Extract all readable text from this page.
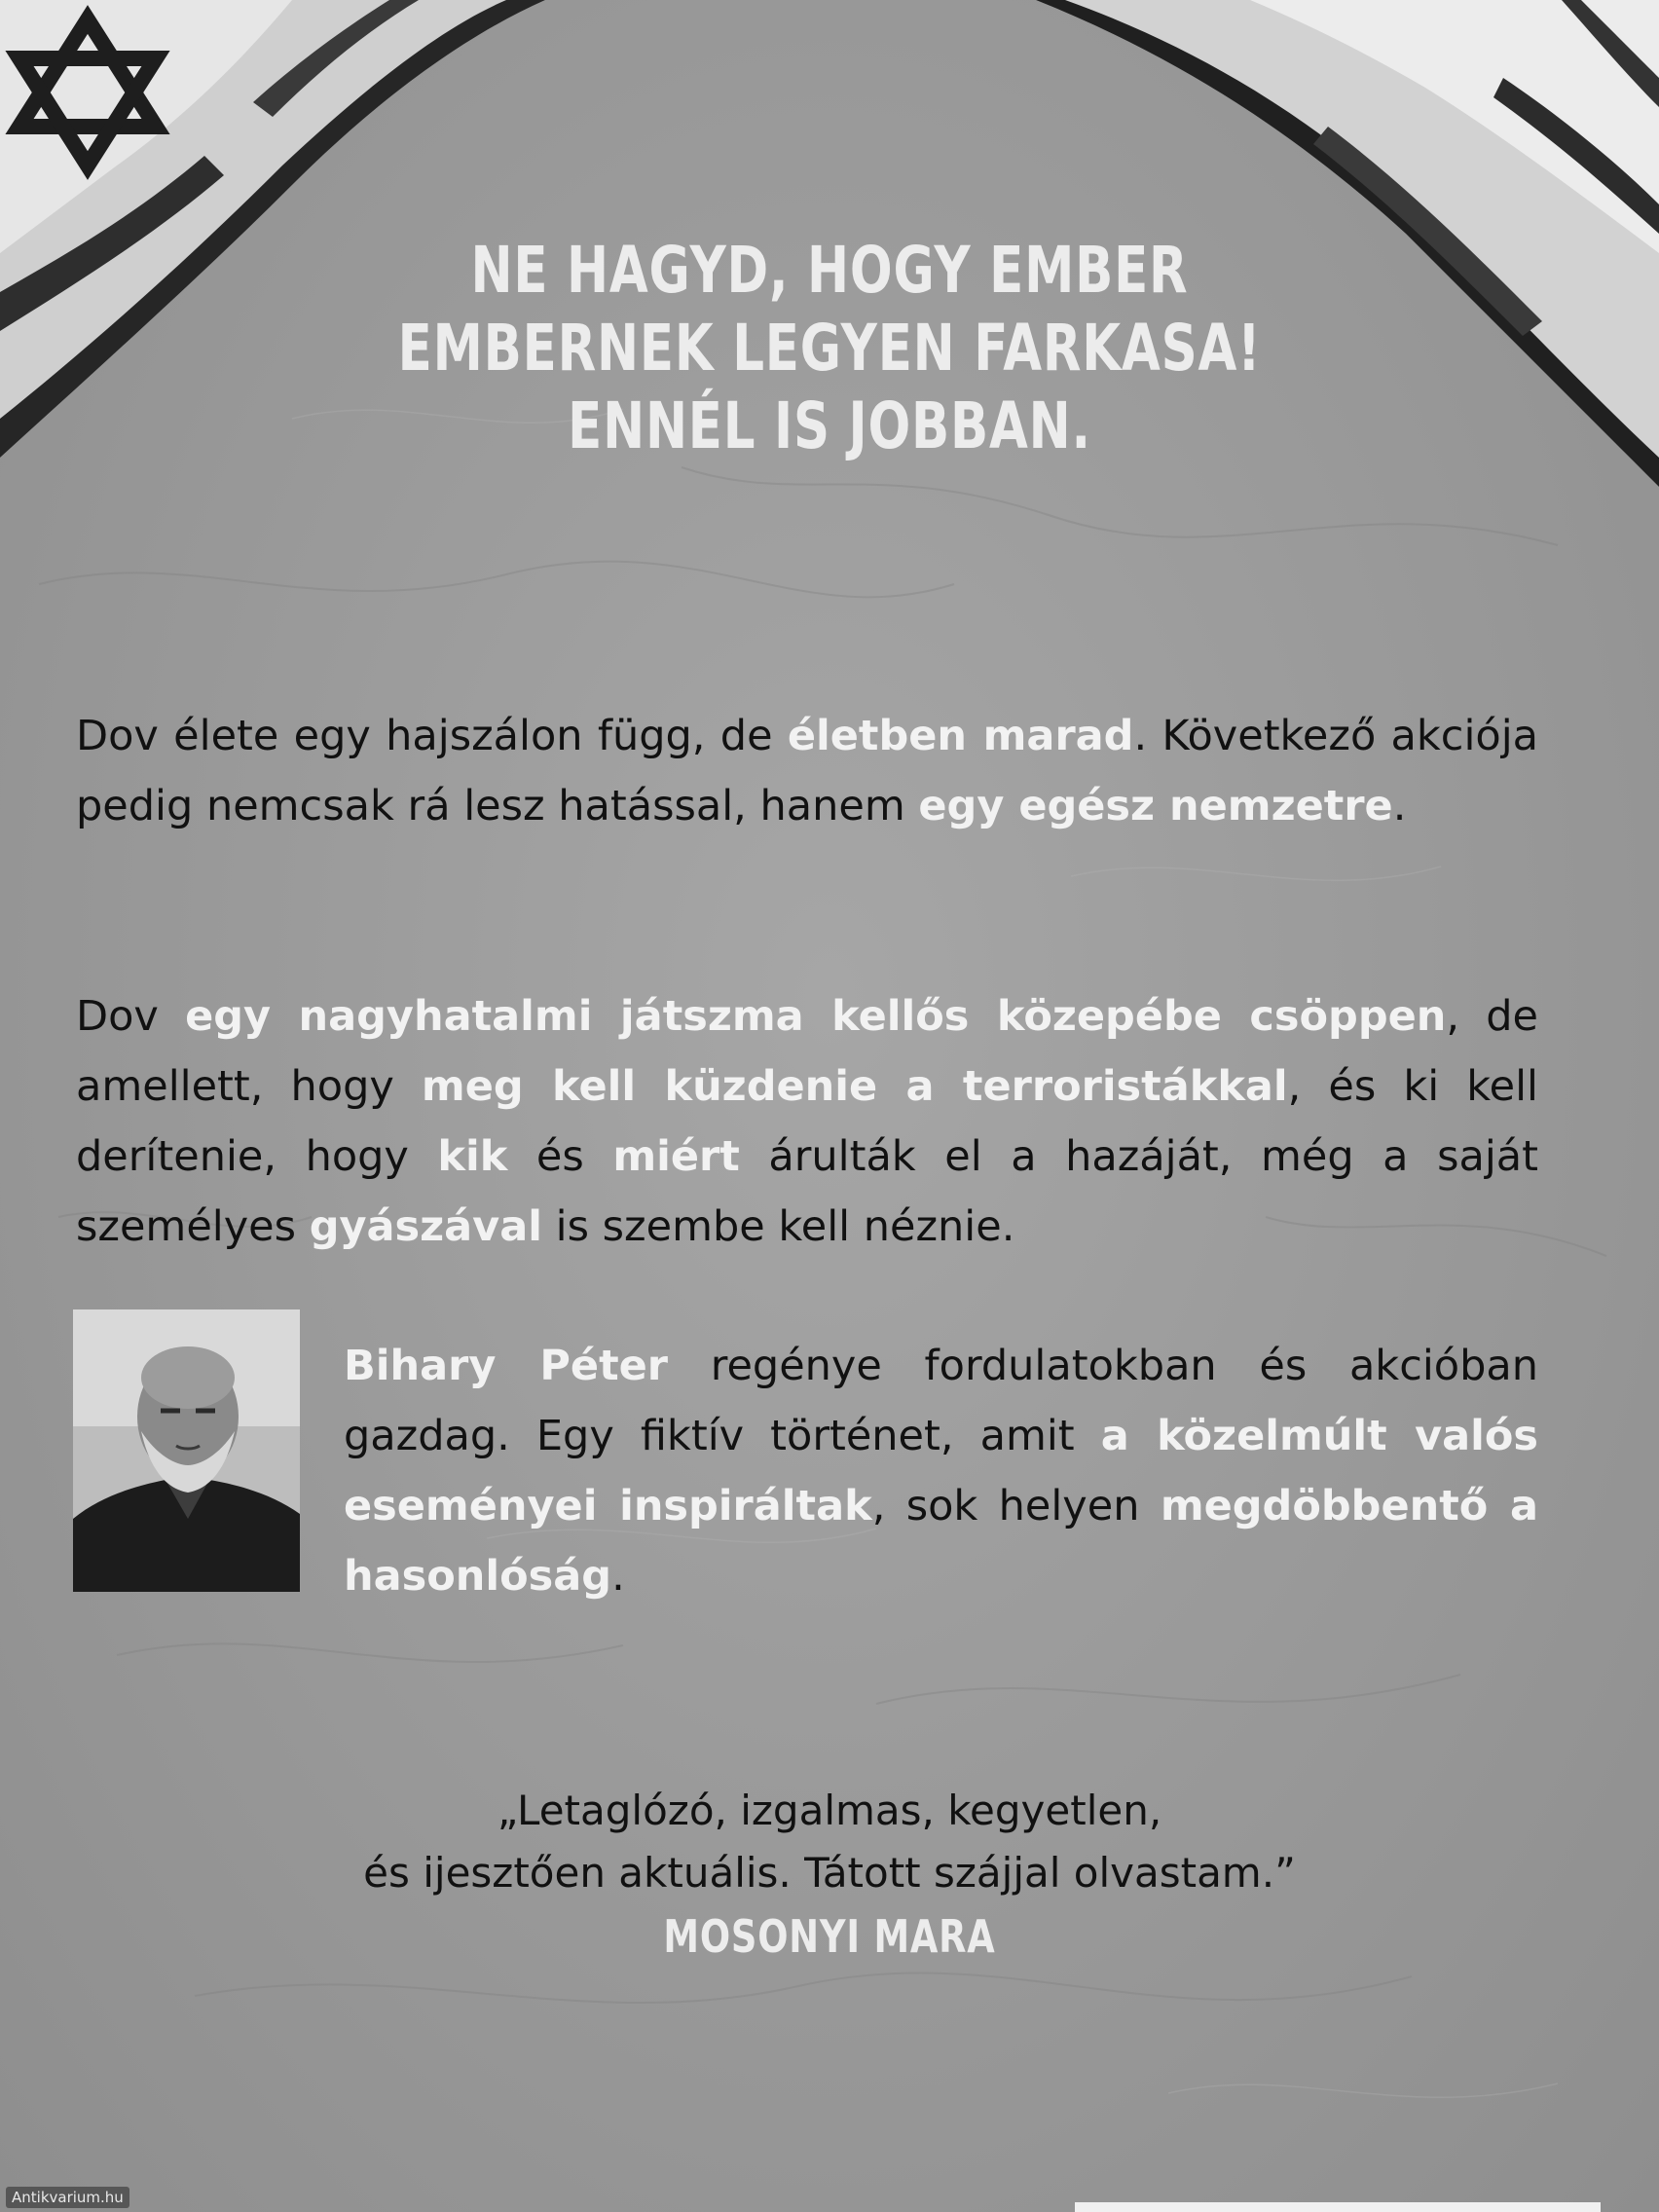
NE HAGYD, HOGY EMBER
EMBERNEK LEGYEN FARKASA!
ENNÉL IS JOBBAN.

Dov élete egy hajszálon függ, de életben marad. Következő akciója pedig nemcsak rá lesz hatással, hanem egy egész nemzetre.

Dov egy nagyhatalmi játszma kellős közepébe csöppen, de amellett, hogy meg kell küzdenie a terroristákkal, és ki kell derítenie, hogy kik és miért árulták el a hazáját, még a saját személyes gyászával is szembe kell néznie.

Bihary Péter regénye fordulatokban és akcióban gazdag. Egy fiktív történet, amit a közelmúlt valós eseményei inspiráltak, sok helyen megdöbbentő a hasonlóság.

„Letaglózó, izgalmas, kegyetlen,
és ijesztően aktuális. Tátott szájjal olvastam.”
MOSONYI MARA
Antikvarium.hu
